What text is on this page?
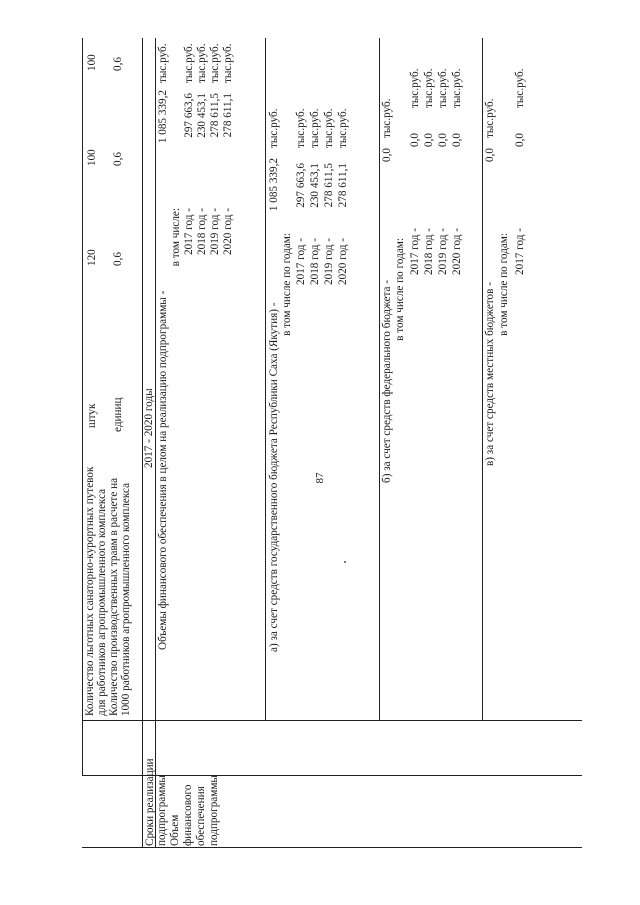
87
Сроки реализации подпрограммы Объем финансового обеспечения подпрограммы
Количество льготных санаторно-курортных путевок для работников агропромышленного комплекса Количество производственных травм в расчете на 1000 работников агропромышленного комплекса
штук единиц
120
100
100
0,6
0,6
0,6
2017 - 2020 годы Объемы финансового обеспечения в целом на реализацию подпрограммы -
1 085 339,2
тыс.руб.
в том числе: 2017 год -
297 663,6
тыс.руб.
2018 год -
230 453,1
тыс.руб.
2019 год -
278 611,5
тыс.руб.
2020 год -
278 611,1
тыс.руб.
а) за счет средств государственного бюджета Республики Саха (Якутия) -
1 085 339,2
тыс.руб.
в том числе по годам: 2017 год -
297 663,6
тыс.руб.
2018 год -
230 453,1
тыс.руб.
2019 год -
278 611,5
тыс.руб.
2020 год -
278 611,1
тыс.руб.
б) за счет средств федерального бюджета -
0,0
тыс.руб.
в том числе по годам: 2017 год -
0,0
тыс.руб.
2018 год -
0,0
тыс.руб.
2019 год -
0,0
тыс.руб.
2020 год -
0,0
тыс.руб.
в) за счет средств местных бюджетов -
0,0
тыс.руб.
в том числе по годам: 2017 год -
0,0
тыс.руб.
